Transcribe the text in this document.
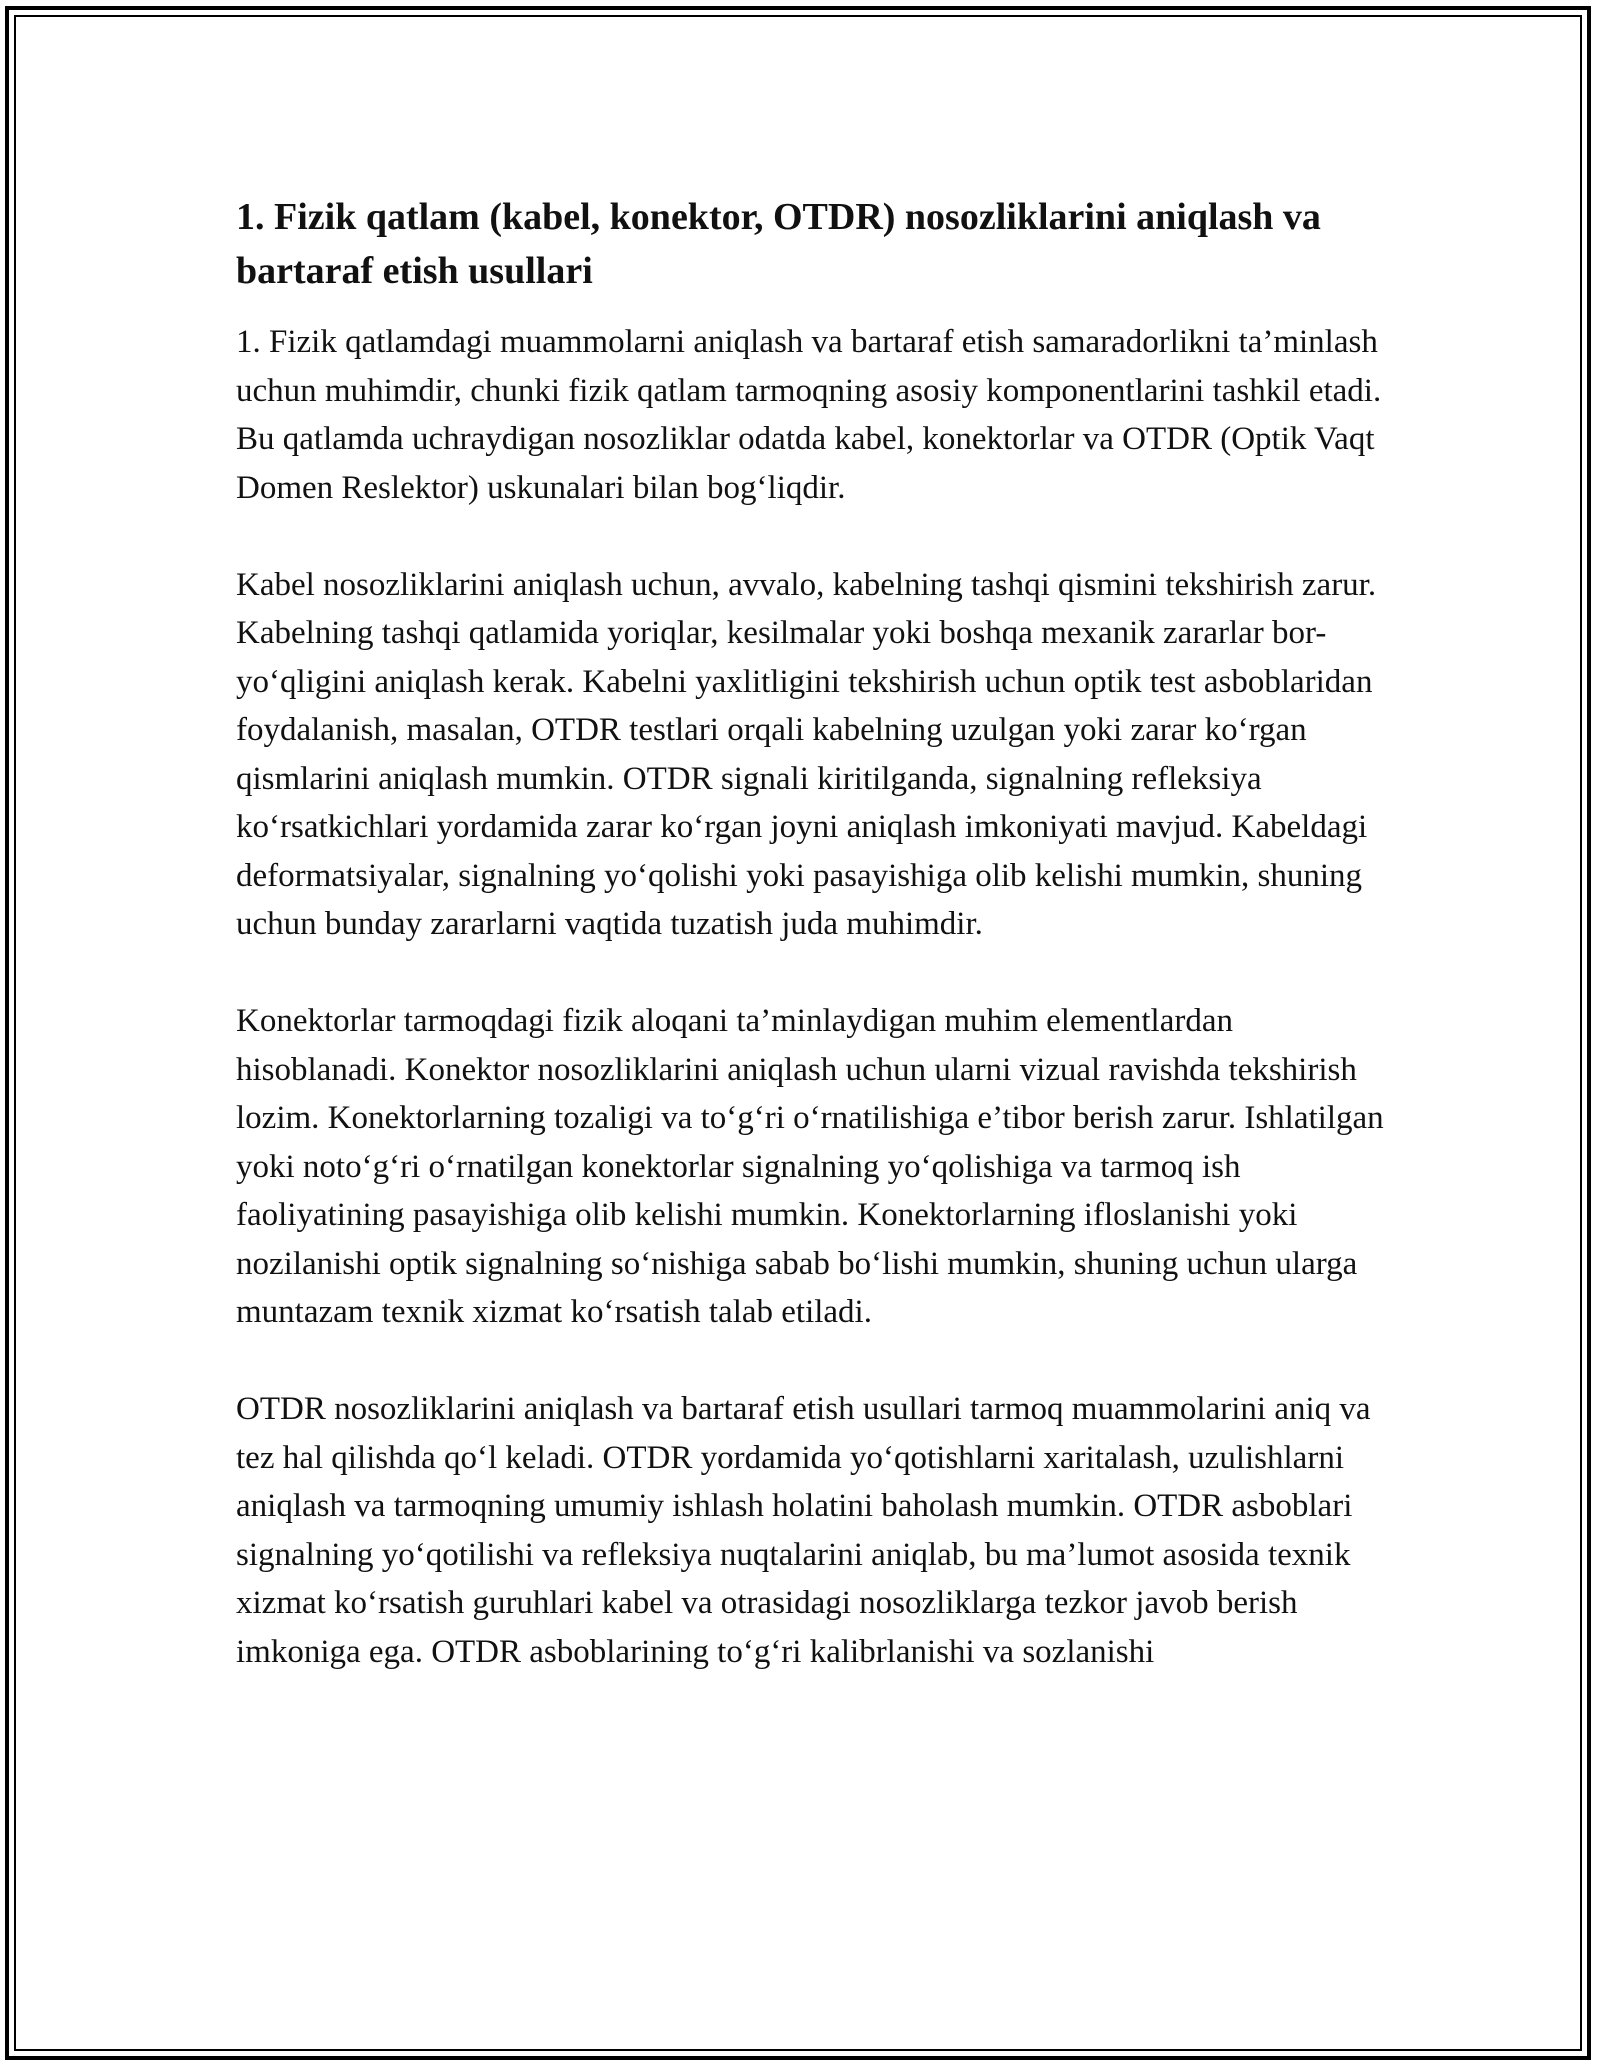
1. Fizik qatlam (kabel, konektor, OTDR) nosozliklarini aniqlash va bartaraf etish usullari

1. Fizik qatlamdagi muammolarni aniqlash va bartaraf etish samaradorlikni ta’minlash uchun muhimdir, chunki fizik qatlam tarmoqning asosiy komponentlarini tashkil etadi. Bu qatlamda uchraydigan nosozliklar odatda kabel, konektorlar va OTDR (Optik Vaqt Domen Reslektor) uskunalari bilan bog‘liqdir.

Kabel nosozliklarini aniqlash uchun, avvalo, kabelning tashqi qismini tekshirish zarur. Kabelning tashqi qatlamida yoriqlar, kesilmalar yoki boshqa mexanik zararlar bor-yo‘qligini aniqlash kerak. Kabelni yaxlitligini tekshirish uchun optik test asboblaridan foydalanish, masalan, OTDR testlari orqali kabelning uzulgan yoki zarar ko‘rgan qismlarini aniqlash mumkin. OTDR signali kiritilganda, signalning refleksiya ko‘rsatkichlari yordamida zarar ko‘rgan joyni aniqlash imkoniyati mavjud. Kabeldagi deformatsiyalar, signalning yo‘qolishi yoki pasayishiga olib kelishi mumkin, shuning uchun bunday zararlarni vaqtida tuzatish juda muhimdir.

Konektorlar tarmoqdagi fizik aloqani ta’minlaydigan muhim elementlardan hisoblanadi. Konektor nosozliklarini aniqlash uchun ularni vizual ravishda tekshirish lozim. Konektorlarning tozaligi va to‘g‘ri o‘rnatilishiga e’tibor berish zarur. Ishlatilgan yoki noto‘g‘ri o‘rnatilgan konektorlar signalning yo‘qolishiga va tarmoq ish faoliyatining pasayishiga olib kelishi mumkin. Konektorlarning ifloslanishi yoki nozilanishi optik signalning so‘nishiga sabab bo‘lishi mumkin, shuning uchun ularga muntazam texnik xizmat ko‘rsatish talab etiladi.

OTDR nosozliklarini aniqlash va bartaraf etish usullari tarmoq muammolarini aniq va tez hal qilishda qo‘l keladi. OTDR yordamida yo‘qotishlarni xaritalash, uzulishlarni aniqlash va tarmoqning umumiy ishlash holatini baholash mumkin. OTDR asboblari signalning yo‘qotilishi va refleksiya nuqtalarini aniqlab, bu ma’lumot asosida texnik xizmat ko‘rsatish guruhlari kabel va otrasidagi nosozliklarga tezkor javob berish imkoniga ega. OTDR asboblarining to‘g‘ri kalibrlanishi va sozlanishi
